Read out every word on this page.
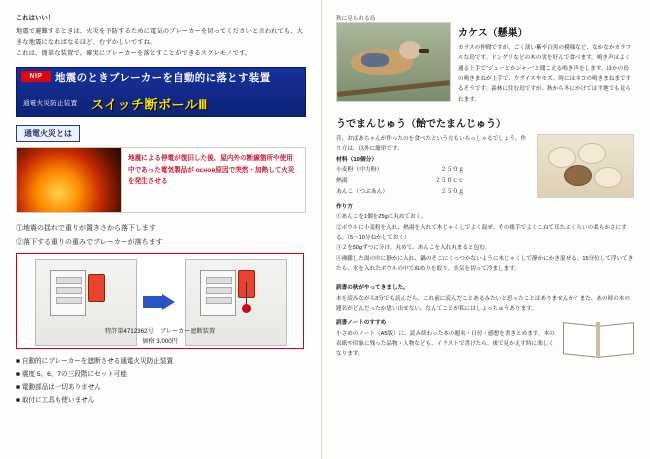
これはいい！

地震で避難するときは、火災を予防するために電気のブレーカーを切ってくださいと言われても、大きな地震になればなるほど、むずかしいですね。

これは、簡単な装置で、確実にブレーカーを落とすことができるスグレモノです。

NIP	地震のときブレーカーを自動的に落とす装置
通電火災防止装置 スイッチ断ボールⅢ
通電火災とは
地震による停電が復旧した後、屋内外の断線箇所や使用中であった電気製品が основ原因で突然・加熱して火災を発生させる
①地震の揺れで重りが置きさから落下します
②落下する重りの重みでブレーカーが落ちます
特許第4712362号　ブレーカー遮断装置
価格 3,000円
■ 自動的にブレーカーを遮断させる通電火災防止装置
■ 震度 5、6、7の三段階にセット可能
■ 電動部品は一切ありません
■ 取付に工具も使いません
秋に見られる鳥
カケス（懸巣）
カラスの仲間ですが、ごく淡い紫や白黒の模様など、なかなかカラフルな鳥です。ドングリなどの木の実を好んで食べます。鳴き声はよく通る上手で“ジェーとかジャー”と聞こえる鳴き声をします。ほかの鳥の鳴きまねが上手で、ウグイスやモズ、時にはネコの鳴きまねまでするそうです。森林に住む鳥ですが、秋から冬にかけては平地でも見られます。
うでまんじゅう（飴でたまんじゅう）
昔、おばあちゃんが作ったのを食べたという方もいらっしゃるでしょう。作り方は、以外に簡単です。
材料（10個分）
小麦粉（中力粉）	２５０ｇ
熱湯	２５０ｃｃ
あんこ（つぶあん）	２５０ｇ
作り方
①あんこを1個を25gに丸めておく。
②ボウルに小麦粉を入れ、熱湯を入れて木じゃくしでよく混ぜ、その後手でよくこねて耳たぶくらいの柔らかさにする。（5〜10分ねかしておく）
③２を50gずつに分け、丸めて、あんこを入れ丸まると包む。
④沸騰した湯の中に静かに入れ、鍋のそこにくっつかないように木じゃくしで静かにかき混ぜる。15分位して浮いてきたら、水を入れたボウルの中でぬめりを取り、水気を切って冷まします。
読書の秋がやってきました。
本を読みながら3分でも読んだら、これ前に読んだことあるみたいと思ったことはありませんか？また、あの時の本の題名がどんだったか思い出せない、なんてことが私にはしょっちゅうあります。
読書ノートのすすめ
小さめのノート（A5版）に、読み終わった本の題名・日付・感想を書きとめます。本の表紙や印象に残った品物・人物なども、イラストで書けたら、後で見かえす時に楽しくなります。
